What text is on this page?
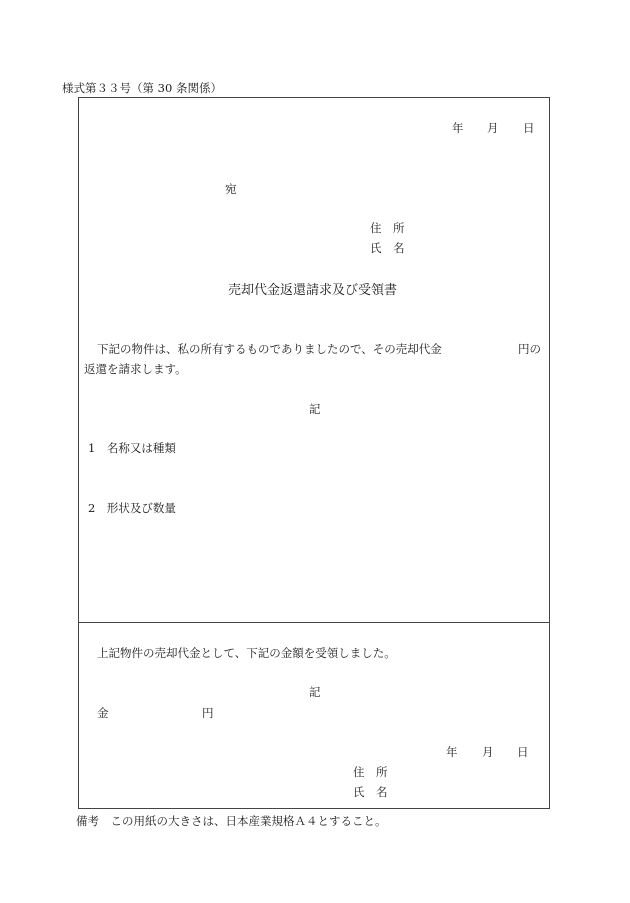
様式第３３号（第 30 条関係）
年 月 日
宛
住　所
氏　名
売却代金返還請求及び受領書
下記の物件は、私の所有するものでありましたので、その売却代金	円の
返還を請求します。
記
1　名称又は種類
2　形状及び数量
上記物件の売却代金として、下記の金額を受領しました。
記
金	円
年 月 日
住　所
氏　名
備考　この用紙の大きさは、日本産業規格Ａ４とすること。
